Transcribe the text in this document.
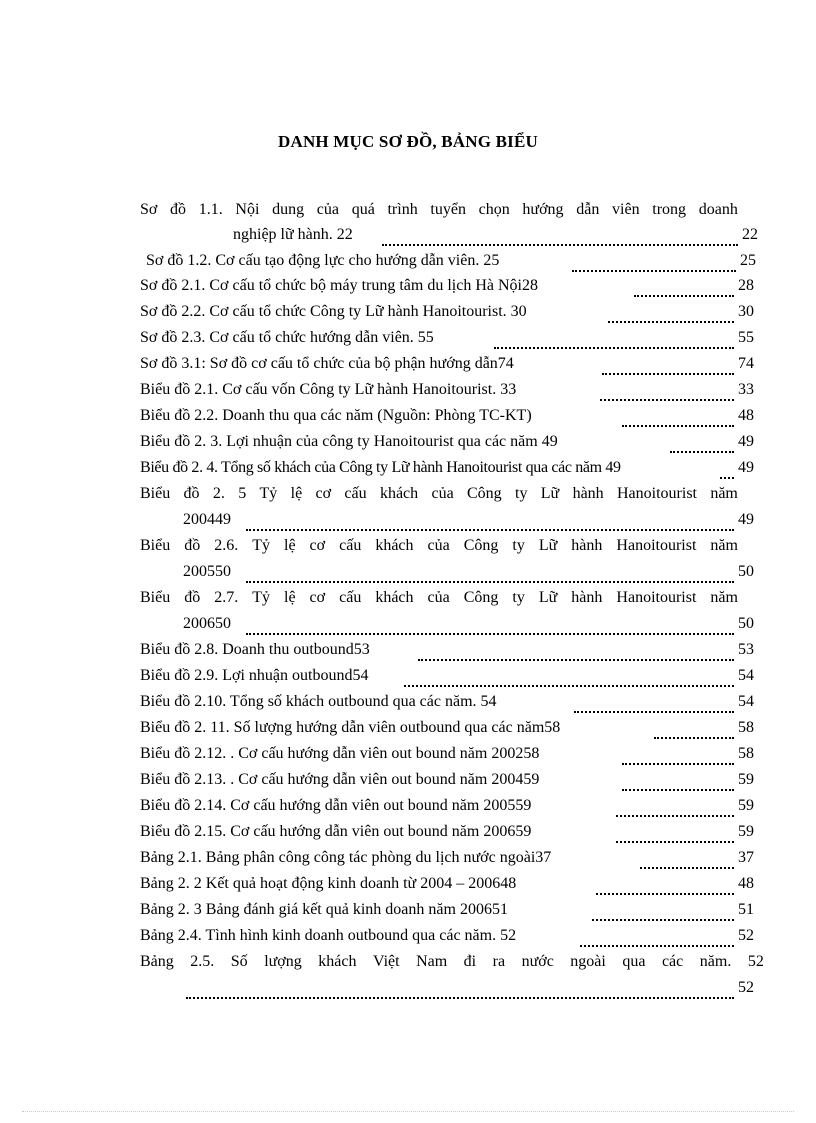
DANH MỤC SƠ ĐỒ, BẢNG BIỂU
Sơ đồ 1.1. Nội dung của quá trình tuyển chọn hướng dẫn viên trong doanh
nghiệp lữ hành. 22	22
Sơ đồ 1.2. Cơ cấu tạo động lực cho hướng dẫn viên. 25	25
Sơ đồ 2.1. Cơ cấu tổ chức bộ máy trung tâm du lịch Hà Nội28	28
Sơ đồ 2.2. Cơ cấu tổ chức Công ty Lữ hành Hanoitourist. 30	30
Sơ đồ 2.3. Cơ cấu tổ chức hướng dẫn viên. 55	55
Sơ đồ 3.1: Sơ đồ cơ cấu tổ chức của bộ phận hướng dẫn74	74
Biểu đồ 2.1. Cơ cấu vốn Công ty Lữ hành Hanoitourist. 33	33
Biểu đồ 2.2. Doanh thu qua các năm (Nguồn: Phòng TC-KT)	48
Biểu đồ 2. 3. Lợi nhuận của công ty Hanoitourist qua các năm 49	49
Biểu đồ 2. 4. Tổng số khách của Công ty Lữ hành Hanoitourist qua các năm 49	49
Biểu đồ 2. 5 Tỷ lệ cơ cấu khách của Công ty Lữ hành Hanoitourist năm
200449	49
Biểu đồ 2.6. Tỷ lệ cơ cấu khách của Công ty Lữ hành Hanoitourist năm
200550	50
Biểu đồ 2.7. Tỷ lệ cơ cấu khách của Công ty Lữ hành Hanoitourist năm
200650	50
Biểu đồ 2.8. Doanh thu outbound53	53
Biểu đồ 2.9. Lợi nhuận outbound54	54
Biểu đồ 2.10. Tổng số khách outbound qua các năm. 54	54
Biểu đồ 2. 11. Số lượng hướng dẫn viên outbound qua các năm58	58
Biểu đồ 2.12. . Cơ cấu hướng dẫn viên out bound năm 200258	58
Biểu đồ 2.13. . Cơ cấu hướng dẫn viên out bound năm 200459	59
Biểu đồ 2.14. Cơ cấu hướng dẫn viên out bound năm 200559	59
Biểu đồ 2.15. Cơ cấu hướng dẫn viên out bound năm 200659	59
Bảng 2.1. Bảng phân công công tác phòng du lịch nước ngoài37	37
Bảng 2. 2 Kết quả hoạt động kinh doanh từ 2004 – 200648	48
Bảng 2. 3 Bảng đánh giá kết quả kinh doanh năm 200651	51
Bảng 2.4. Tình hình kinh doanh outbound qua các năm. 52	52
Bảng 2.5. Số lượng khách Việt Nam đi ra nước ngoài qua các năm. 52
52
